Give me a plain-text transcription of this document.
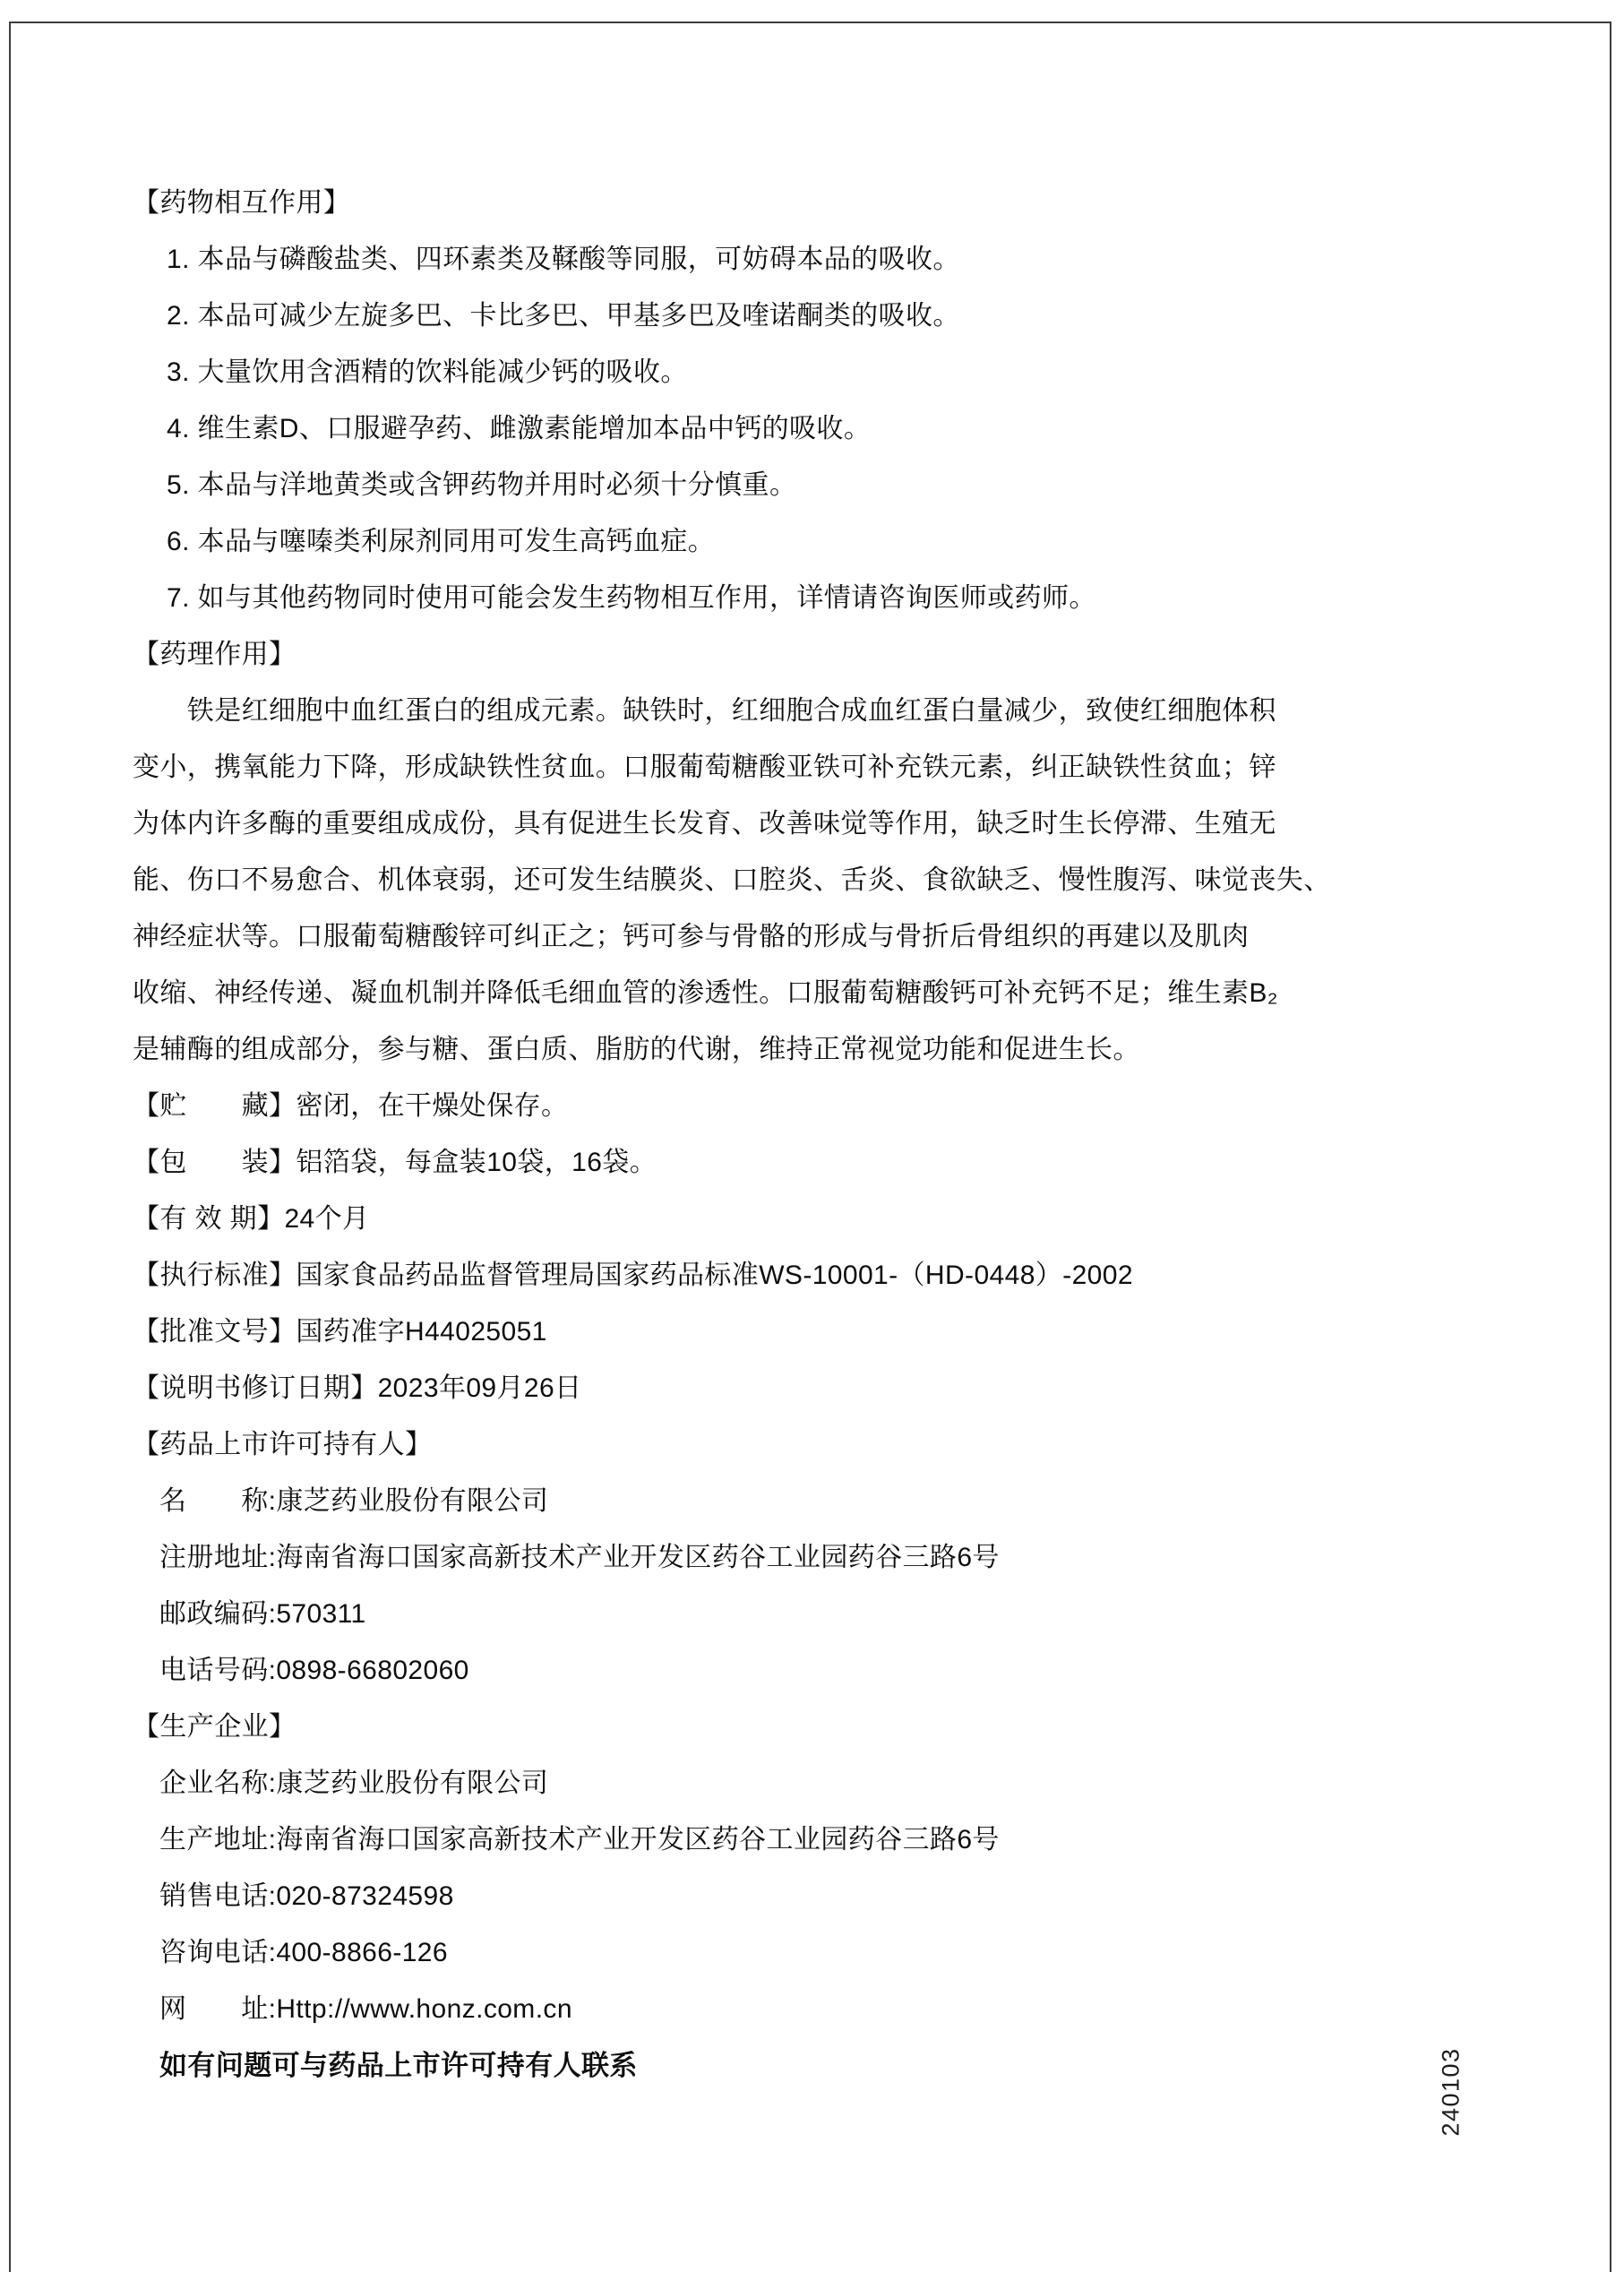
【药物相互作用】
1. 本品与磷酸盐类、四环素类及鞣酸等同服，可妨碍本品的吸收。
2. 本品可减少左旋多巴、卡比多巴、甲基多巴及喹诺酮类的吸收。
3. 大量饮用含酒精的饮料能减少钙的吸收。
4. 维生素D、口服避孕药、雌激素能增加本品中钙的吸收。
5. 本品与洋地黄类或含钾药物并用时必须十分慎重。
6. 本品与噻嗪类利尿剂同用可发生高钙血症。
7. 如与其他药物同时使用可能会发生药物相互作用，详情请咨询医师或药师。
【药理作用】
　　铁是红细胞中血红蛋白的组成元素。缺铁时，红细胞合成血红蛋白量减少，致使红细胞体积
变小，携氧能力下降，形成缺铁性贫血。口服葡萄糖酸亚铁可补充铁元素，纠正缺铁性贫血；锌
为体内许多酶的重要组成成份，具有促进生长发育、改善味觉等作用，缺乏时生长停滞、生殖无
能、伤口不易愈合、机体衰弱，还可发生结膜炎、口腔炎、舌炎、食欲缺乏、慢性腹泻、味觉丧失、
神经症状等。口服葡萄糖酸锌可纠正之；钙可参与骨骼的形成与骨折后骨组织的再建以及肌肉
收缩、神经传递、凝血机制并降低毛细血管的渗透性。口服葡萄糖酸钙可补充钙不足；维生素B₂
是辅酶的组成部分，参与糖、蛋白质、脂肪的代谢，维持正常视觉功能和促进生长。
【贮　　藏】密闭，在干燥处保存。
【包　　装】铝箔袋，每盒装10袋，16袋。
【有 效 期】24个月
【执行标准】国家食品药品监督管理局国家药品标准WS-10001-（HD-0448）-2002
【批准文号】国药准字H44025051
【说明书修订日期】2023年09月26日
【药品上市许可持有人】
名　　称:康芝药业股份有限公司
注册地址:海南省海口国家高新技术产业开发区药谷工业园药谷三路6号
邮政编码:570311
电话号码:0898-66802060
【生产企业】
企业名称:康芝药业股份有限公司
生产地址:海南省海口国家高新技术产业开发区药谷工业园药谷三路6号
销售电话:020-87324598
咨询电话:400-8866-126
网　　址:Http://www.honz.com.cn
如有问题可与药品上市许可持有人联系	240103
